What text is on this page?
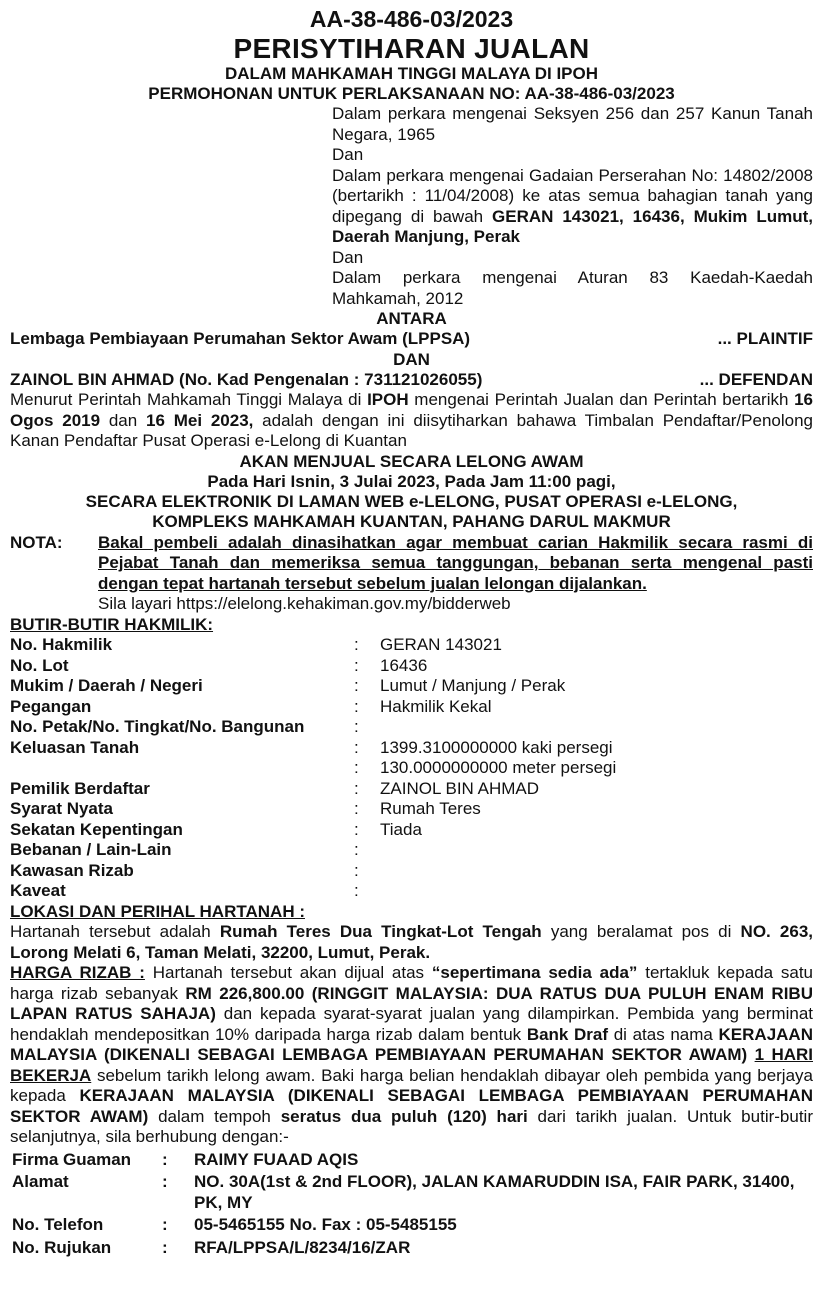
AA-38-486-03/2023
PERISYTIHARAN JUALAN
DALAM MAHKAMAH TINGGI MALAYA DI IPOH
PERMOHONAN UNTUK PERLAKSANAAN NO: AA-38-486-03/2023

Dalam perkara mengenai Seksyen 256 dan 257 Kanun Tanah Negara, 1965

Dan

Dalam perkara mengenai Gadaian Perserahan No: 14802/2008 (bertarikh : 11/04/2008) ke atas semua bahagian tanah yang dipegang di bawah GERAN 143021, 16436, Mukim Lumut, Daerah Manjung, Perak

Dan

Dalam perkara mengenai Aturan 83 Kaedah-Kaedah Mahkamah, 2012

ANTARA
Lembaga Pembiayaan Perumahan Sektor Awam (LPPSA)	... PLAINTIF
DAN
ZAINOL BIN AHMAD (No. Kad Pengenalan : 731121026055)	... DEFENDAN

Menurut Perintah Mahkamah Tinggi Malaya di IPOH mengenai Perintah Jualan dan Perintah bertarikh 16 Ogos 2019 dan 16 Mei 2023, adalah dengan ini diisytiharkan bahawa Timbalan Pendaftar/Penolong Kanan Pendaftar Pusat Operasi e-Lelong di Kuantan

AKAN MENJUAL SECARA LELONG AWAM
Pada Hari Isnin, 3 Julai 2023, Pada Jam 11:00 pagi,
SECARA ELEKTRONIK DI LAMAN WEB e-LELONG, PUSAT OPERASI e-LELONG,
KOMPLEKS MAHKAMAH KUANTAN, PAHANG DARUL MAKMUR
NOTA:	Bakal pembeli adalah dinasihatkan agar membuat carian Hakmilik secara rasmi di Pejabat Tanah dan memeriksa semua tanggungan, bebanan serta mengenal pasti dengan tepat hartanah tersebut sebelum jualan lelongan dijalankan.
Sila layari https://elelong.kehakiman.gov.my/bidderweb
BUTIR-BUTIR HAKMILIK:
No. Hakmilik	:	GERAN 143021
No. Lot	:	16436
Mukim / Daerah / Negeri	:	Lumut / Manjung / Perak
Pegangan	:	Hakmilik Kekal
No. Petak/No. Tingkat/No. Bangunan	:	
Keluasan Tanah	:	1399.3100000000 kaki persegi
	:	130.0000000000 meter persegi
Pemilik Berdaftar	:	ZAINOL BIN AHMAD
Syarat Nyata	:	Rumah Teres
Sekatan Kepentingan	:	Tiada
Bebanan / Lain-Lain	:	
Kawasan Rizab	:	
Kaveat	:	
LOKASI DAN PERIHAL HARTANAH :

Hartanah tersebut adalah Rumah Teres Dua Tingkat-Lot Tengah yang beralamat pos di NO. 263, Lorong Melati 6, Taman Melati, 32200, Lumut, Perak.

HARGA RIZAB : Hartanah tersebut akan dijual atas “sepertimana sedia ada” tertakluk kepada satu harga rizab sebanyak RM 226,800.00 (RINGGIT MALAYSIA: DUA RATUS DUA PULUH ENAM RIBU LAPAN RATUS SAHAJA) dan kepada syarat-syarat jualan yang dilampirkan. Pembida yang berminat hendaklah mendepositkan 10% daripada harga rizab dalam bentuk Bank Draf di atas nama KERAJAAN MALAYSIA (DIKENALI SEBAGAI LEMBAGA PEMBIAYAAN PERUMAHAN SEKTOR AWAM) 1 HARI BEKERJA sebelum tarikh lelong awam. Baki harga belian hendaklah dibayar oleh pembida yang berjaya kepada KERAJAAN MALAYSIA (DIKENALI SEBAGAI LEMBAGA PEMBIAYAAN PERUMAHAN SEKTOR AWAM) dalam tempoh seratus dua puluh (120) hari dari tarikh jualan. Untuk butir-butir selanjutnya, sila berhubung dengan:-

Firma Guaman	:	RAIMY FUAAD AQIS
Alamat	:	NO. 30A(1st & 2nd FLOOR), JALAN KAMARUDDIN ISA, FAIR PARK, 31400, PK, MY
No. Telefon	:	05-5465155 No. Fax : 05-5485155
No. Rujukan	:	RFA/LPPSA/L/8234/16/ZAR
